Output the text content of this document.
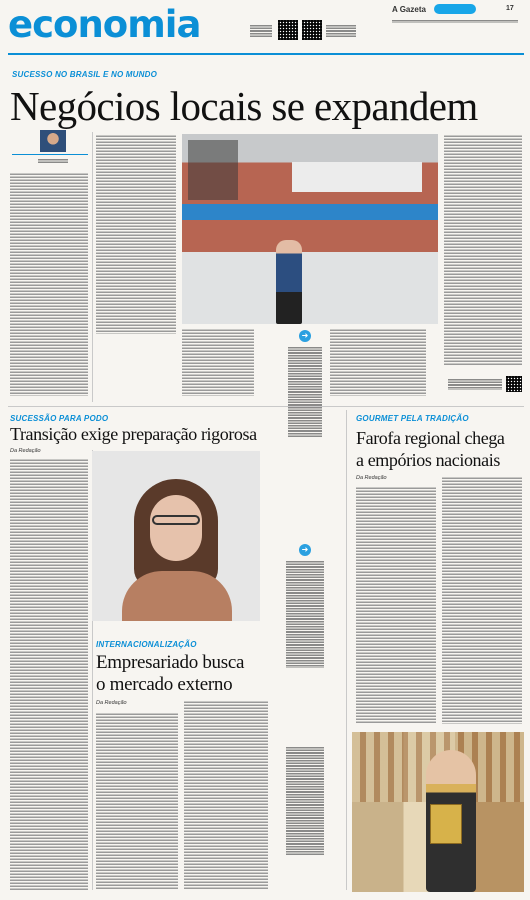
economia	A Gazeta	17
SUCESSO NO BRASIL E NO MUNDO
Negócios locais se expandem
➜
SUCESSÃO PARA PODO
Transição exige preparação rigorosa
Da Redação
➜
INTERNACIONALIZAÇÃO
Empresariado busca
o mercado externo
Da Redação
GOURMET PELA TRADIÇÃO
Farofa regional chega
a empórios nacionais
Da Redação
